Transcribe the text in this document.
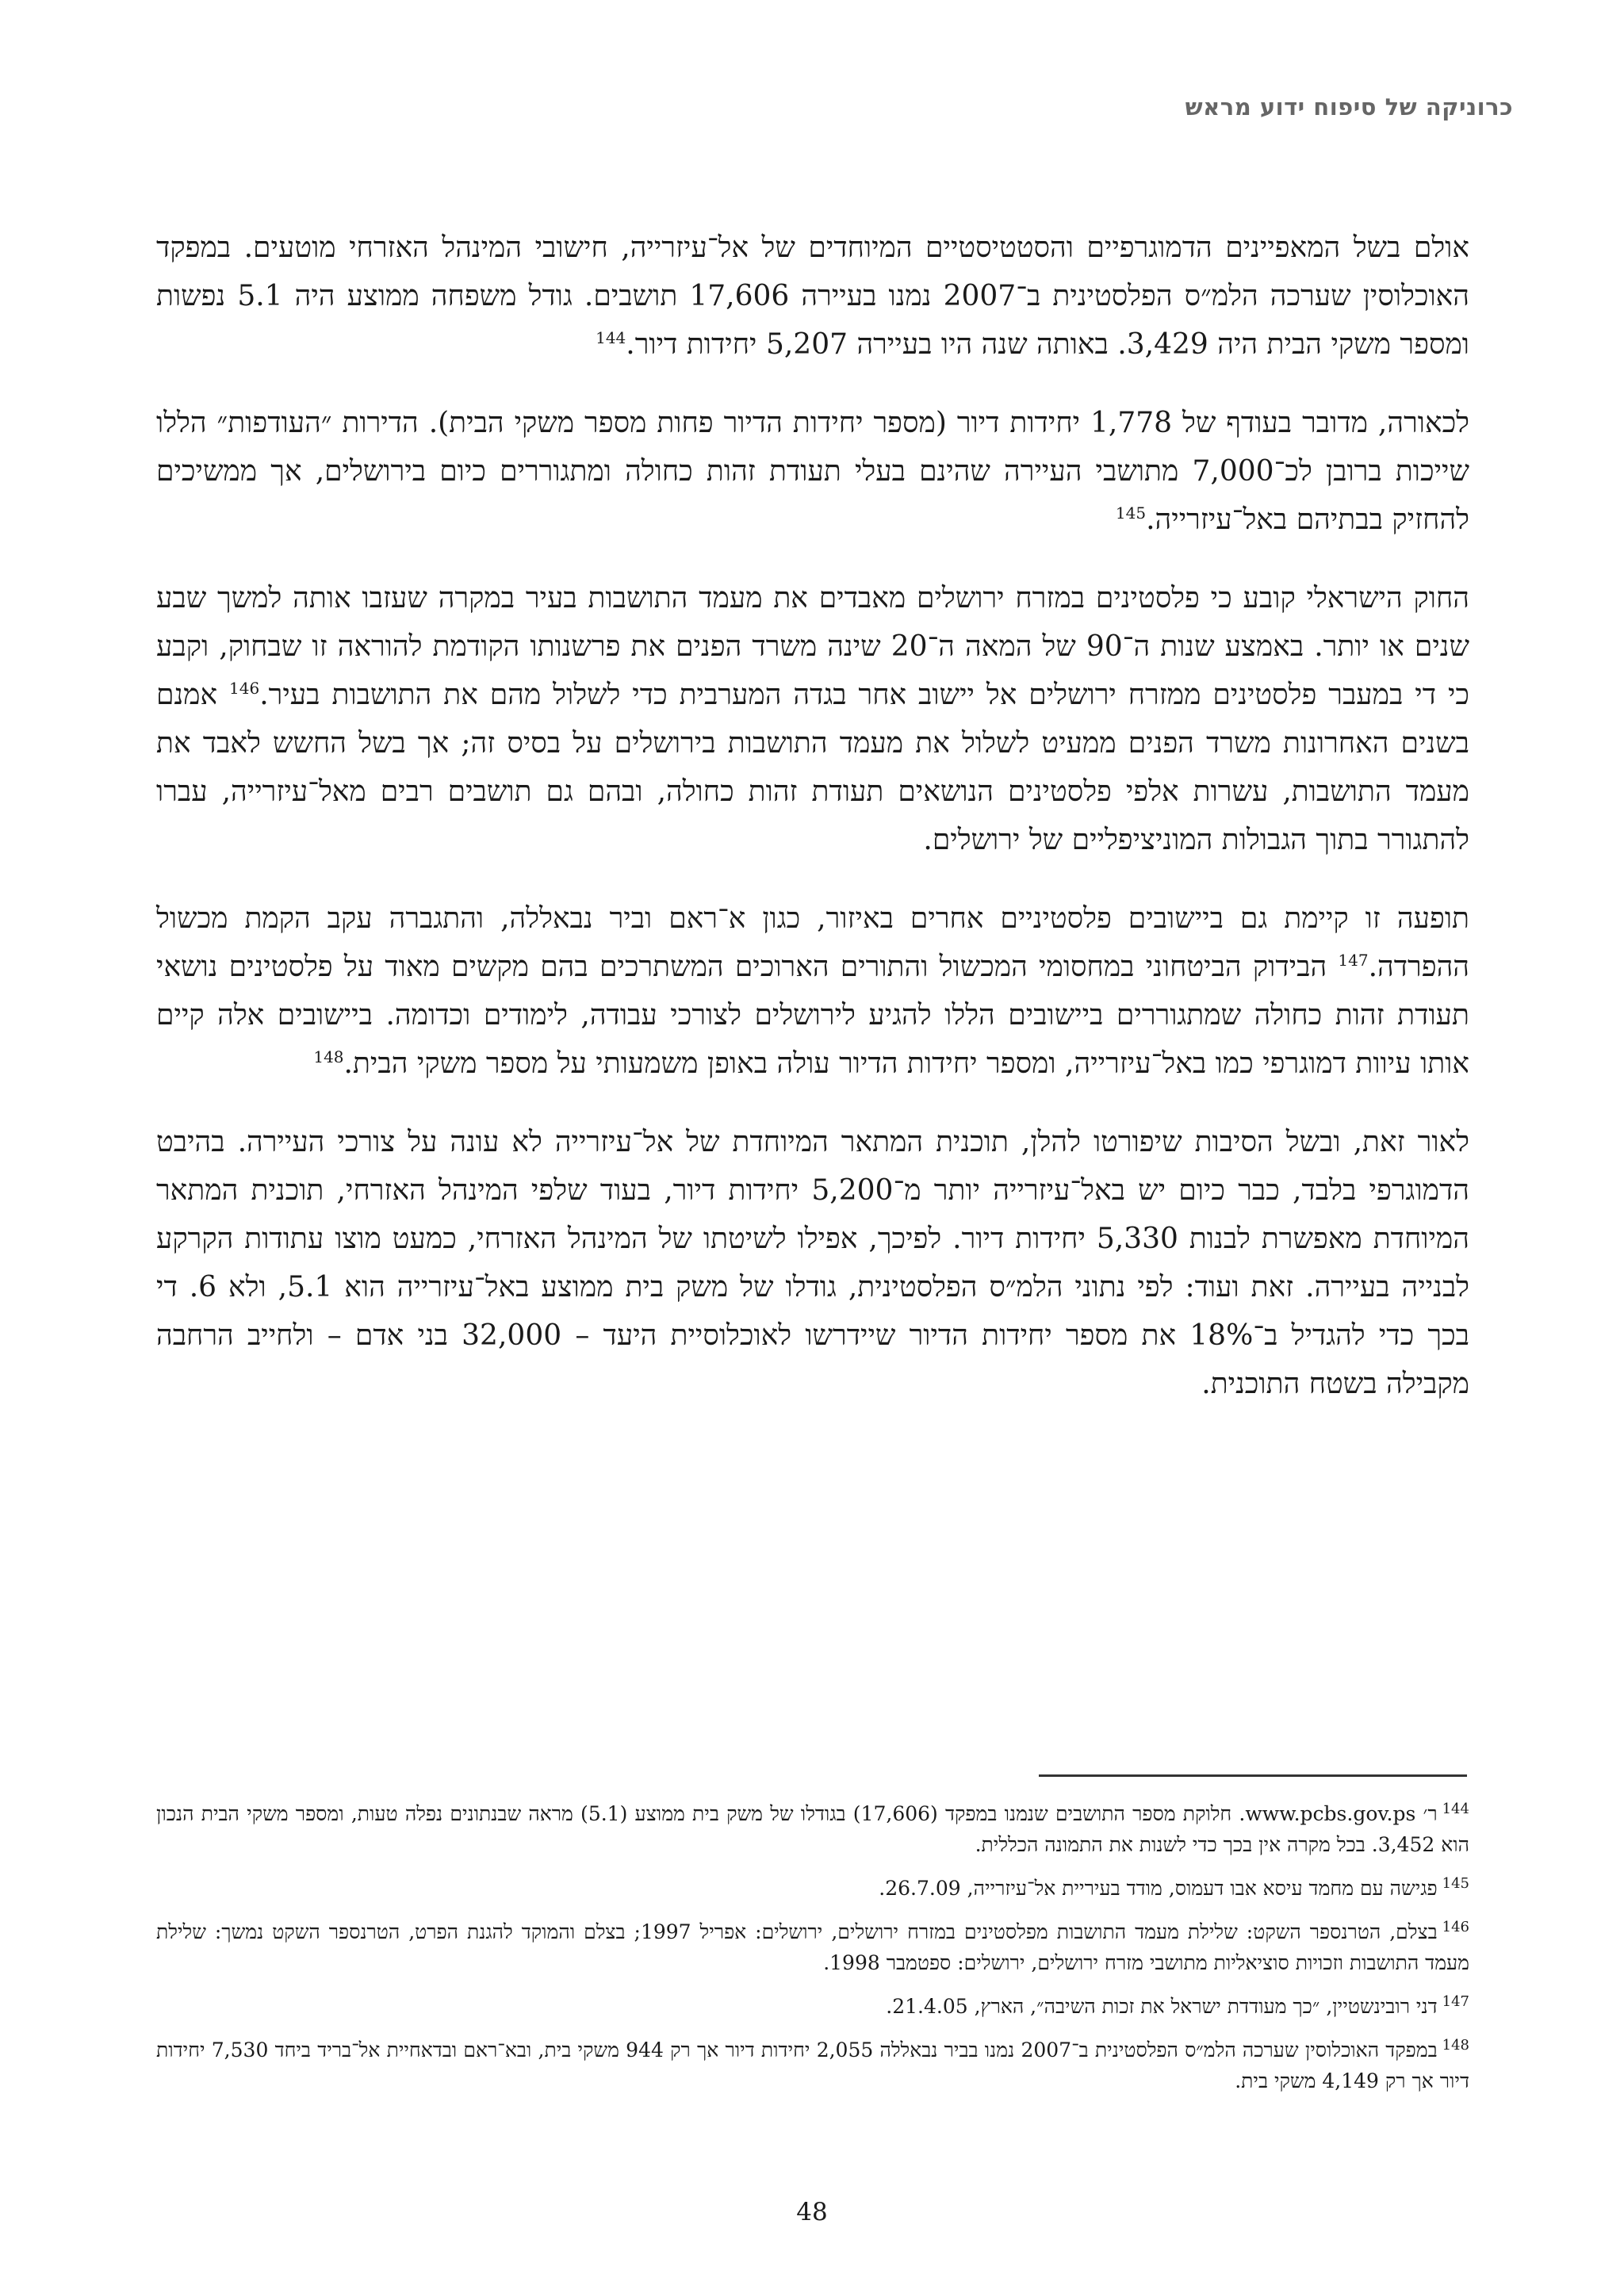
כרוניקה של סיפוח ידוע מראש

אולם בשל המאפיינים הדמוגרפיים והסטטיסטיים המיוחדים של אל־עיזרייה, חישובי המינהל האזרחי מוטעים. במפקד האוכלוסין שערכה הלמ״ס הפלסטינית ב־2007 נמנו בעיירה 17,606 תושבים. גודל משפחה ממוצע היה 5.1 נפשות ומספר משקי הבית היה 3,429. באותה שנה היו בעיירה 5,207 יחידות דיור.$^{144}$

לכאורה, מדובר בעודף של 1,778 יחידות דיור (מספר יחידות הדיור פחות מספר משקי הבית). הדירות ״העודפות״ הללו שייכות ברובן לכ־7,000 מתושבי העיירה שהינם בעלי תעודת זהות כחולה ומתגוררים כיום בירושלים, אך ממשיכים להחזיק בבתיהם באל־עיזרייה.$^{145}$

החוק הישראלי קובע כי פלסטינים במזרח ירושלים מאבדים את מעמד התושבות בעיר במקרה שעזבו אותה למשך שבע שנים או יותר. באמצע שנות ה־90 של המאה ה־20 שינה משרד הפנים את פרשנותו הקודמת להוראה זו שבחוק, וקבע כי די במעבר פלסטינים ממזרח ירושלים אל יישוב אחר בגדה המערבית כדי לשלול מהם את התושבות בעיר.$^{146}$ אמנם בשנים האחרונות משרד הפנים ממעיט לשלול את מעמד התושבות בירושלים על בסיס זה; אך בשל החשש לאבד את מעמד התושבות, עשרות אלפי פלסטינים הנושאים תעודת זהות כחולה, ובהם גם תושבים רבים מאל־עיזרייה, עברו להתגורר בתוך הגבולות המוניציפליים של ירושלים.

תופעה זו קיימת גם ביישובים פלסטיניים אחרים באיזור, כגון א־ראם וביר נבאללה, והתגברה עקב הקמת מכשול ההפרדה.$^{147}$ הבידוק הביטחוני במחסומי המכשול והתורים הארוכים המשתרכים בהם מקשים מאוד על פלסטינים נושאי תעודת זהות כחולה שמתגוררים ביישובים הללו להגיע לירושלים לצורכי עבודה, לימודים וכדומה. ביישובים אלה קיים אותו עיוות דמוגרפי כמו באל־עיזרייה, ומספר יחידות הדיור עולה באופן משמעותי על מספר משקי הבית.$^{148}$

לאור זאת, ובשל הסיבות שיפורטו להלן, תוכנית המתאר המיוחדת של אל־עיזרייה לא עונה על צורכי העיירה. בהיבט הדמוגרפי בלבד, כבר כיום יש באל־עיזרייה יותר מ־5,200 יחידות דיור, בעוד שלפי המינהל האזרחי, תוכנית המתאר המיוחדת מאפשרת לבנות 5,330 יחידות דיור. לפיכך, אפילו לשיטתו של המינהל האזרחי, כמעט מוצו עתודות הקרקע לבנייה בעיירה. זאת ועוד: לפי נתוני הלמ״ס הפלסטינית, גודלו של משק בית ממוצע באל־עיזרייה הוא 5.1, ולא 6. די בכך כדי להגדיל ב־18% את מספר יחידות הדיור שיידרשו לאוכלוסיית היעד – 32,000 בני אדם – ולחייב הרחבה מקבילה בשטח התוכנית.

$^{144}$ר׳ www.pcbs.gov.ps. חלוקת מספר התושבים שנמנו במפקד (17,606) בגודלו של משק בית ממוצע (5.1) מראה שבנתונים נפלה טעות, ומספר משקי הבית הנכון הוא 3,452. בכל מקרה אין בכך כדי לשנות את התמונה הכללית.
$^{145}$פגישה עם מחמד עיסא אבו דעמוס, מודד בעיריית אל־עיזרייה, 26.7.09.
$^{146}$בצלם, הטרנספר השקט: שלילת מעמד התושבות מפלסטינים במזרח ירושלים, ירושלים: אפריל 1997; בצלם והמוקד להגנת הפרט, הטרנספר השקט נמשך: שלילת מעמד התושבות וזכויות סוציאליות מתושבי מזרח ירושלים, ירושלים: ספטמבר 1998.
$^{147}$דני רובינשטיין, ״כך מעודדת ישראל את זכות השיבה״, הארץ, 21.4.05.
$^{148}$במפקד האוכלוסין שערכה הלמ״ס הפלסטינית ב־2007 נמנו בביר נבאללה 2,055 יחידות דיור אך רק 944 משקי בית, ובא־ראם ובדאחיית אל־בריד ביחד 7,530 יחידות דיור אך רק 4,149 משקי בית.
48
